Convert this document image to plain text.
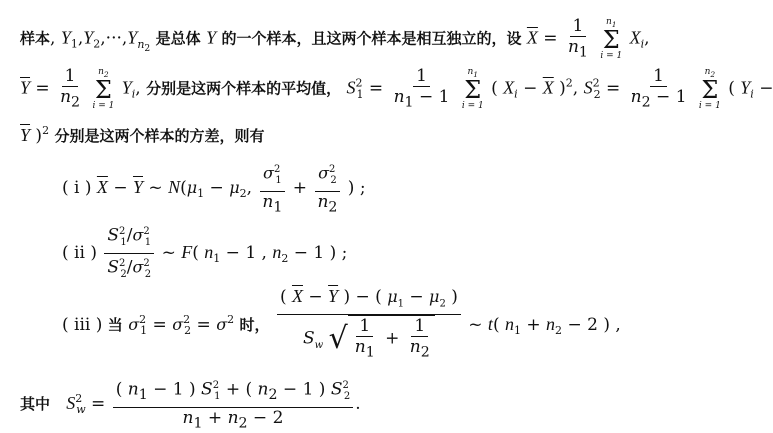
样本, $Y_1,Y_2,\cdot\cdot\cdot,Y_{n_2}$ 是总体 Y 的一个样本，且这两个样本是相互独立的，设 $\overline{X} = \frac{1}{n_1}$
$n_1$
Σ
i = 1
$X_i$,
$\overline{Y} = \frac{1}{n_2}$
$n_2$
Σ
i = 1
$Y_i$, 分别是这两个样本的平均值， $S^2_1 = \frac{1}{n_1 - 1}$
$n_1$
Σ
i = 1
( $X_i - \overline{X}$ )$^2$, $S^2_2 = \frac{1}{n_2 - 1}$
$n_2$
Σ
i = 1
( $Y_i$ −
$\overline{Y}$ )$^2$ 分别是这两个样本的方差，则有
( i ) $\overline{X} - \overline{Y}$ ~ $N(\mu_1 - \mu_2$, $\frac{\sigma^2_1}{n_1} + \frac{\sigma^2_2}{n_2}$ ) ;
( ii ) $\frac{S^2_1/\sigma^2_1}{S^2_2/\sigma^2_2}$ ~ F( $n_1 - 1$ , $n_2 - 1$ ) ;
( iii ) 当 $\sigma^2_1 = \sigma^2_2 = \sigma^2$ 时， $\frac{( \overline{X} - \overline{Y} ) - ( \mu_1 - \mu_2 )}{S_w √ \frac{1}{n_1} + \frac{1}{n_2}}$ ~ t( $n_1 + n_2 - 2$ ) ,
其中 $S^2_w = \frac{( n_1 - 1 ) S^2_1 + ( n_2 - 1 ) S^2_2}{n_1 + n_2 - 2}$ .
